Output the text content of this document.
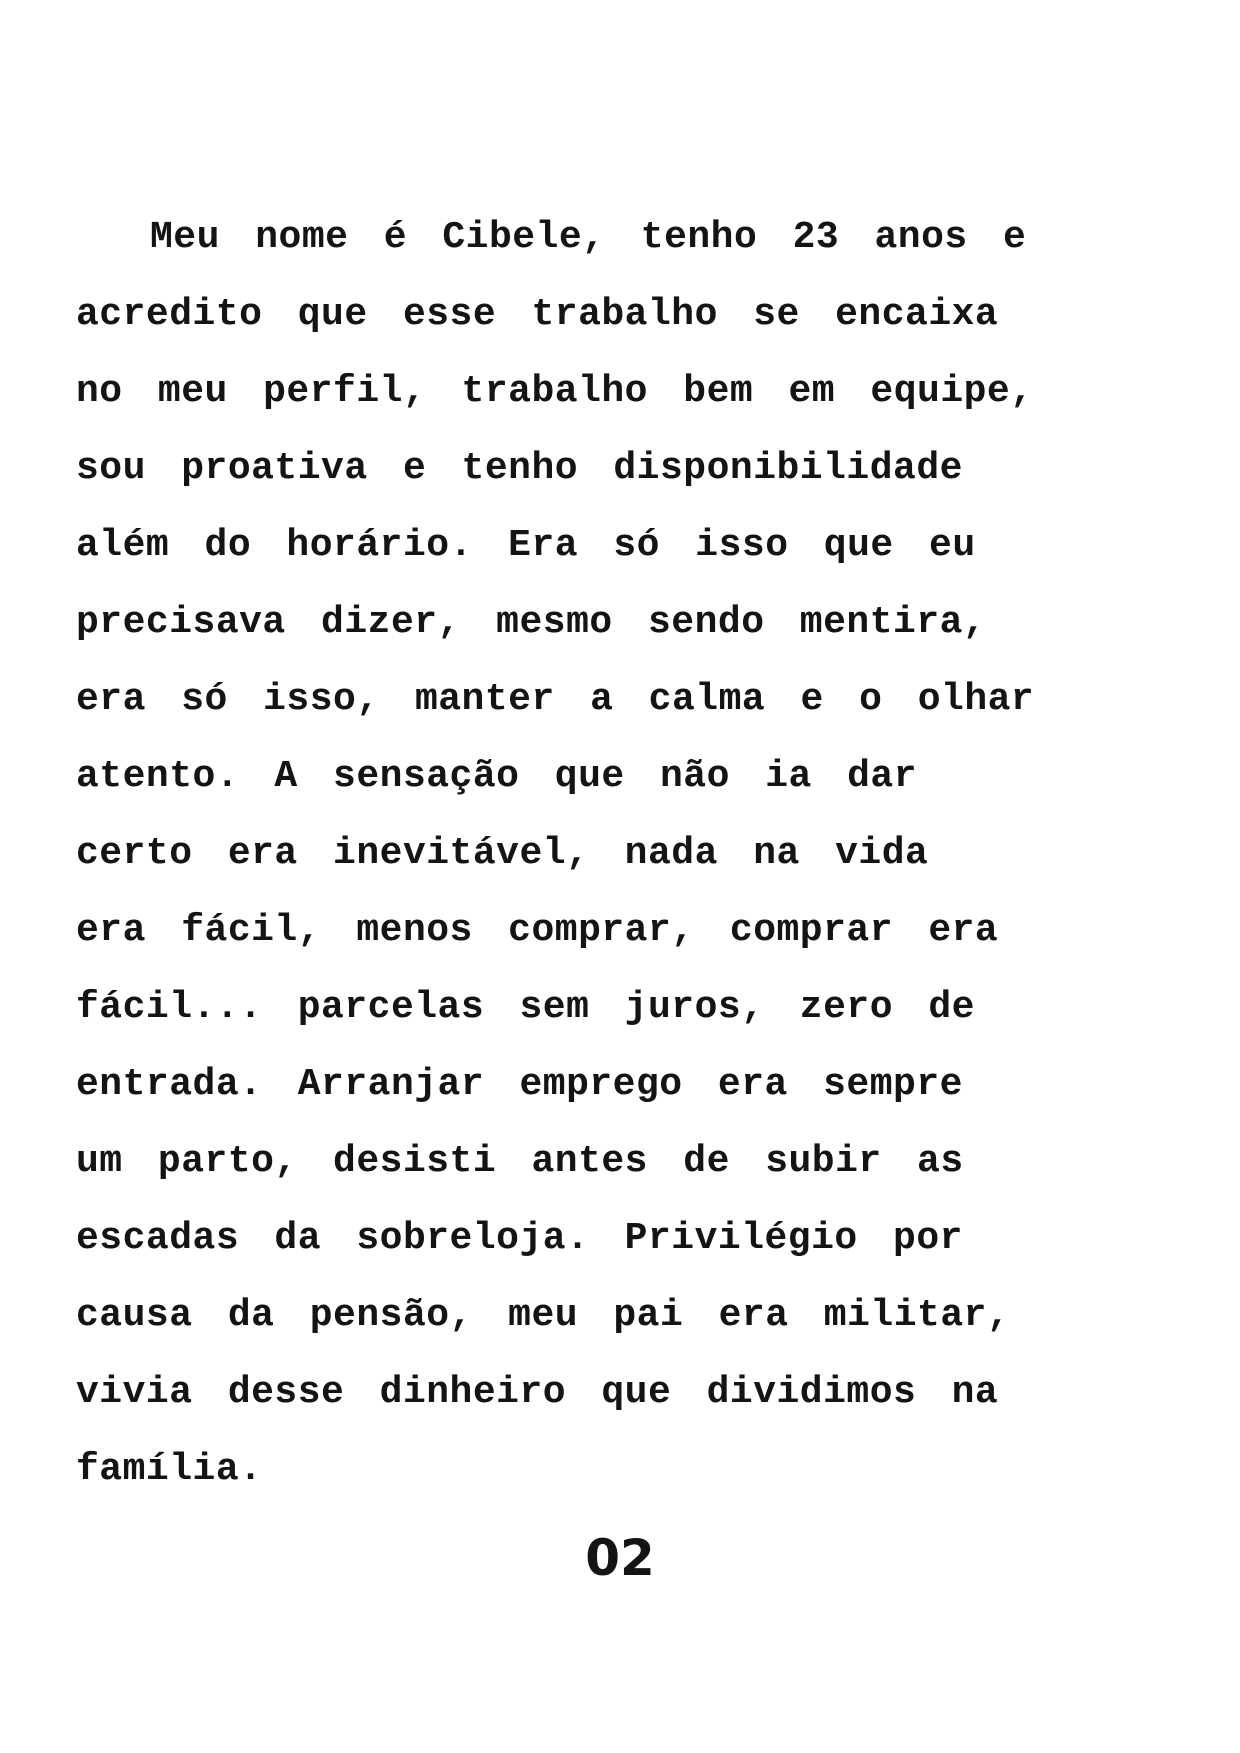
Meu nome é Cibele, tenho 23 anos e
acredito que esse trabalho se encaixa
no meu perfil, trabalho bem em equipe,
sou proativa e tenho disponibilidade
além do horário. Era só isso que eu
precisava dizer, mesmo sendo mentira,
era só isso, manter a calma e o olhar
atento. A sensação que não ia dar
certo era inevitável, nada na vida
era fácil, menos comprar, comprar era
fácil... parcelas sem juros, zero de
entrada. Arranjar emprego era sempre
um parto, desisti antes de subir as
escadas da sobreloja. Privilégio por
causa da pensão, meu pai era militar,
vivia desse dinheiro que dividimos na
família.
02
